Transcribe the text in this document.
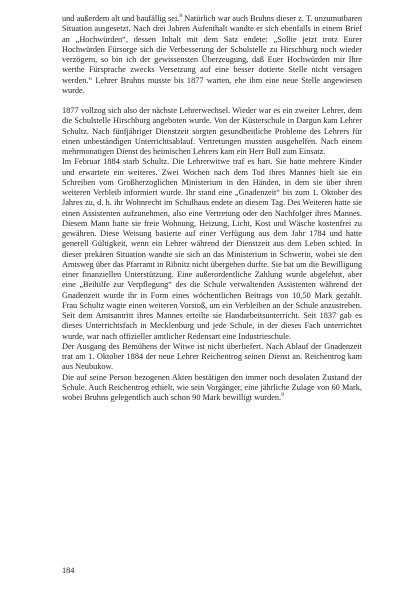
und außerdem alt und baufällig sei.$^8$ Natürlich war auch Bruhns dieser z. T. unzumutbaren Situation ausgesetzt. Nach drei Jahren Aufenthalt wandte er sich ebenfalls in einem Brief an „Hochwürden“, dessen Inhalt mit dem Satz endete: „Sollte jetzt trotz Eurer Hochwürden Fürsorge sich die Verbesserung der Schulstelle zu Hirschburg noch wieder verzögern, so bin ich der gewissensten Überzeugung, daß Euer Hochwürden mir Ihre werthe Fürsprache zwecks Versetzung auf eine besser dotierte Stelle nicht versagen werden.“ Lehrer Bruhns musste bis 1877 warten, ehe ihm eine neue Stelle angewiesen wurde.

1877 vollzog sich also der nächste Lehrerwechsel. Wieder war es ein zweiter Lehrer, dem die Schulstelle Hirschburg angeboten wurde. Von der Küsterschule in Dargun kam Lehrer Schultz. Nach fünfjähriger Dienstzeit sorgten gesundheitliche Probleme des Lehrers für einen unbeständigen Unterrichtsablauf. Vertretungen mussten ausgehelfen. Nach einem mehrmonatigen Dienst des heimischen Lehrers kam ein Herr Bull zum Einsatz.

Im Februar 1884 starb Schultz. Die Lehrerwitwe traf es hart. Sie hatte mehrere Kinder und erwartete ein weiteres. Zwei Wochen nach dem Tod ihres Mannes hielt sie ein Schreiben vom Großherzoglichen Ministerium in den Händen, in dem sie über ihren weiteren Verbleib informiert wurde. Ihr stand eine „Gnadenzeit“ bis zum 1. Oktober des Jahres zu, d. h. ihr Wohnrecht im Schulhaus endete an diesem Tag. Des Weiteren hatte sie einen Assistenten aufzunehmen, also eine Vertretung oder den Nachfolger ihres Mannes. Diesem Mann hatte sie freie Wohnung, Heizung, Licht, Kost und Wäsche kostenfrei zu gewähren. Diese Weisung basierte auf einer Verfügung aus dem Jahr 1784 und hatte generell Gültigkeit, wenn ein Lehrer während der Dienstzeit aus dem Leben schied. In dieser prekären Situation wandte sie sich an das Ministerium in Schwerin, wobei sie den Amtsweg über das Pfarramt in Ribnitz nicht übergehen durfte. Sie bat um die Bewilligung einer finanziellen Unterstützung. Eine außerordentliche Zahlung wurde abgelehnt, aber eine „Beihilfe zur Verpflegung“ des die Schule verwaltenden Assistenten während der Gnadenzeit wurde ihr in Form eines wöchentlichen Beitrags von 10,50 Mark gezahlt. Frau Schultz wagte einen weiteren Vorstoß, um ein Verbleiben an der Schule anzustreben. Seit dem Amtsantritt ihres Mannes erteilte sie Handarbeitsunterricht. Seit 1837 gab es dieses Unterrichtsfach in Mecklenburg und jede Schule, in der dieses Fach unterrichtet wurde, war nach offizieller amtlicher Redensart eine Industrieschule.

Der Ausgang des Bemühens der Witwe ist nicht überliefert. Nach Ablauf der Gnadenzeit trat am 1. Oktober 1884 der neue Lehrer Reichentrog seinen Dienst an. Reichentrog kam aus Neubukow.

Die auf seine Person bezogenen Akten bestätigen den immer noch desolaten Zustand der Schule. Auch Reichentrog erhielt, wie sein Vorgänger, eine jährliche Zulage von 60 Mark, wobei Bruhns gelegentlich auch schon 90 Mark bewilligt wurden.$^9$

184
